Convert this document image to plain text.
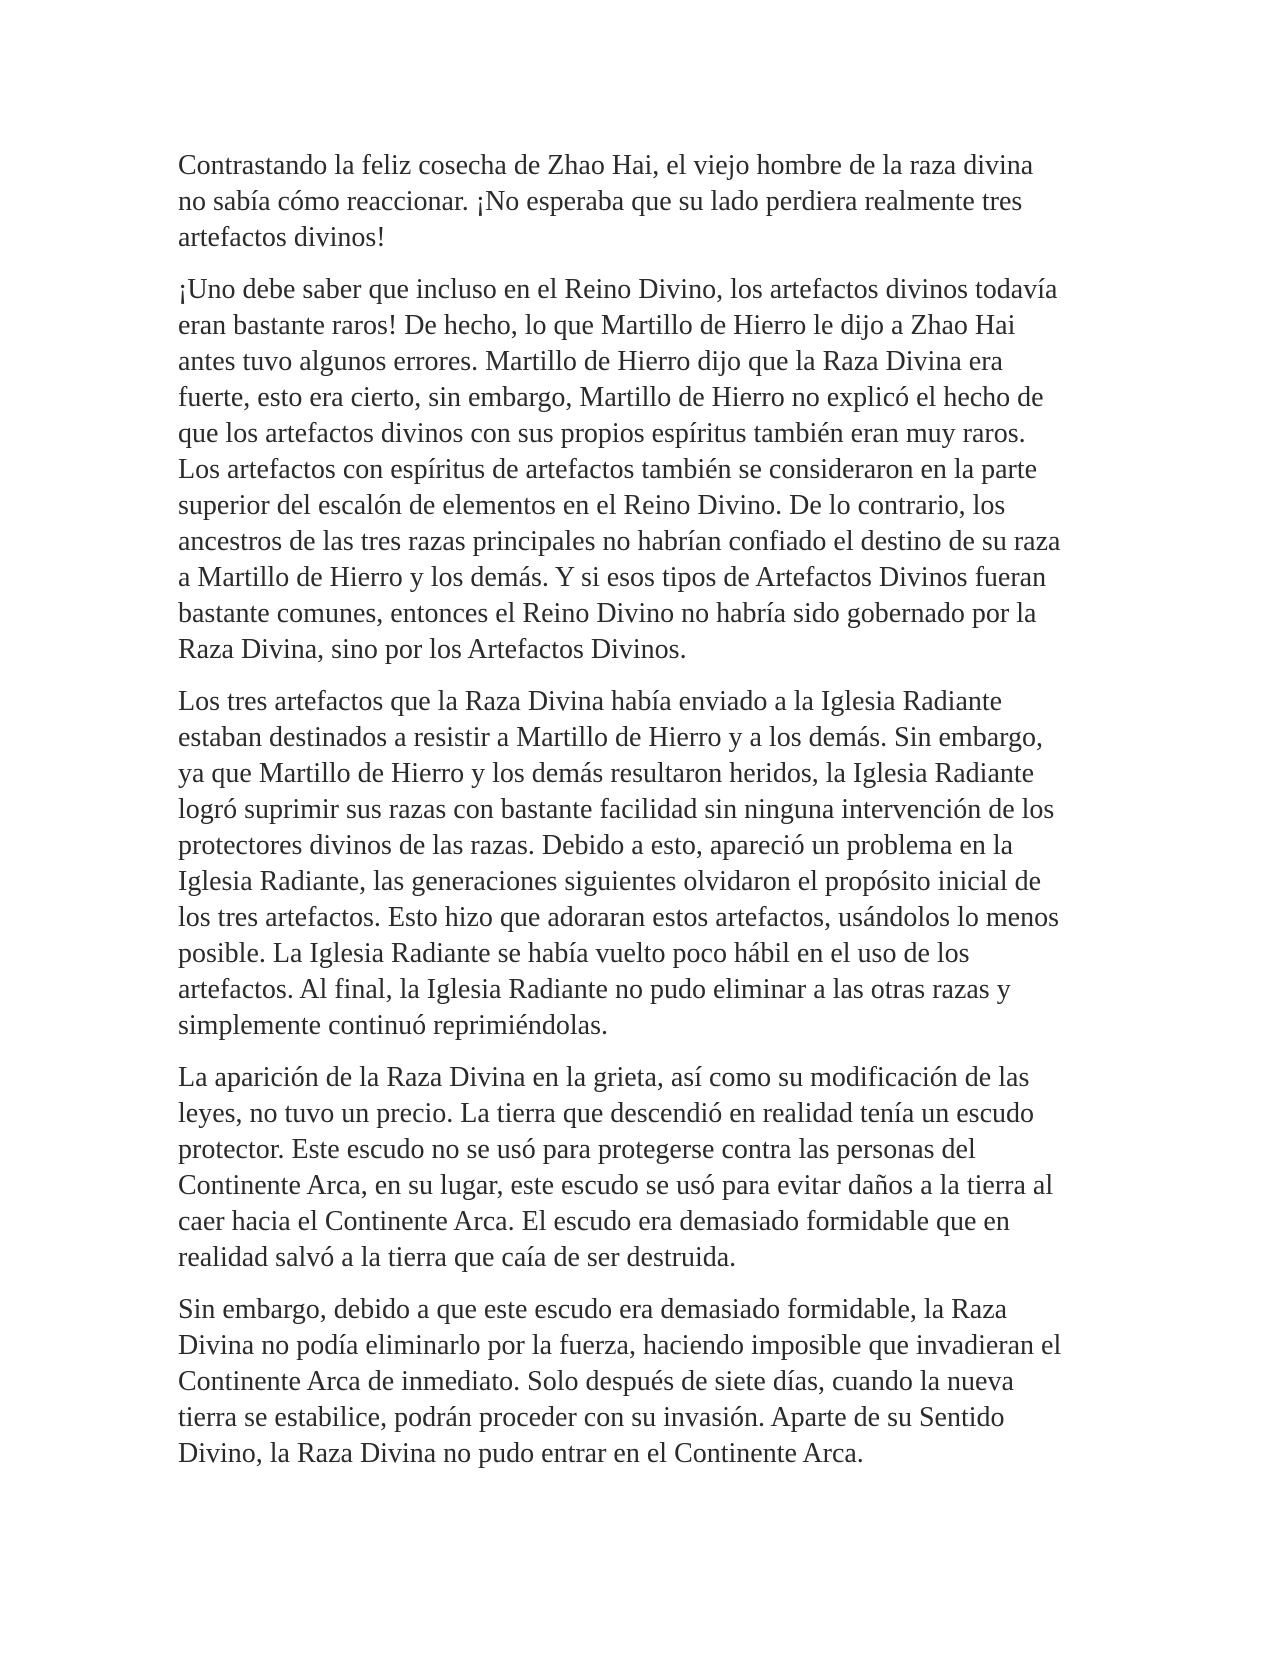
Contrastando la feliz cosecha de Zhao Hai, el viejo hombre de la raza divina
no sabía cómo reaccionar. ¡No esperaba que su lado perdiera realmente tres
artefactos divinos!

¡Uno debe saber que incluso en el Reino Divino, los artefactos divinos todavía
eran bastante raros! De hecho, lo que Martillo de Hierro le dijo a Zhao Hai
antes tuvo algunos errores. Martillo de Hierro dijo que la Raza Divina era
fuerte, esto era cierto, sin embargo, Martillo de Hierro no explicó el hecho de
que los artefactos divinos con sus propios espíritus también eran muy raros.
Los artefactos con espíritus de artefactos también se consideraron en la parte
superior del escalón de elementos en el Reino Divino. De lo contrario, los
ancestros de las tres razas principales no habrían confiado el destino de su raza
a Martillo de Hierro y los demás. Y si esos tipos de Artefactos Divinos fueran
bastante comunes, entonces el Reino Divino no habría sido gobernado por la
Raza Divina, sino por los Artefactos Divinos.

Los tres artefactos que la Raza Divina había enviado a la Iglesia Radiante
estaban destinados a resistir a Martillo de Hierro y a los demás. Sin embargo,
ya que Martillo de Hierro y los demás resultaron heridos, la Iglesia Radiante
logró suprimir sus razas con bastante facilidad sin ninguna intervención de los
protectores divinos de las razas. Debido a esto, apareció un problema en la
Iglesia Radiante, las generaciones siguientes olvidaron el propósito inicial de
los tres artefactos. Esto hizo que adoraran estos artefactos, usándolos lo menos
posible. La Iglesia Radiante se había vuelto poco hábil en el uso de los
artefactos. Al final, la Iglesia Radiante no pudo eliminar a las otras razas y
simplemente continuó reprimiéndolas.

La aparición de la Raza Divina en la grieta, así como su modificación de las
leyes, no tuvo un precio. La tierra que descendió en realidad tenía un escudo
protector. Este escudo no se usó para protegerse contra las personas del
Continente Arca, en su lugar, este escudo se usó para evitar daños a la tierra al
caer hacia el Continente Arca. El escudo era demasiado formidable que en
realidad salvó a la tierra que caía de ser destruida.

Sin embargo, debido a que este escudo era demasiado formidable, la Raza
Divina no podía eliminarlo por la fuerza, haciendo imposible que invadieran el
Continente Arca de inmediato. Solo después de siete días, cuando la nueva
tierra se estabilice, podrán proceder con su invasión. Aparte de su Sentido
Divino, la Raza Divina no pudo entrar en el Continente Arca.
